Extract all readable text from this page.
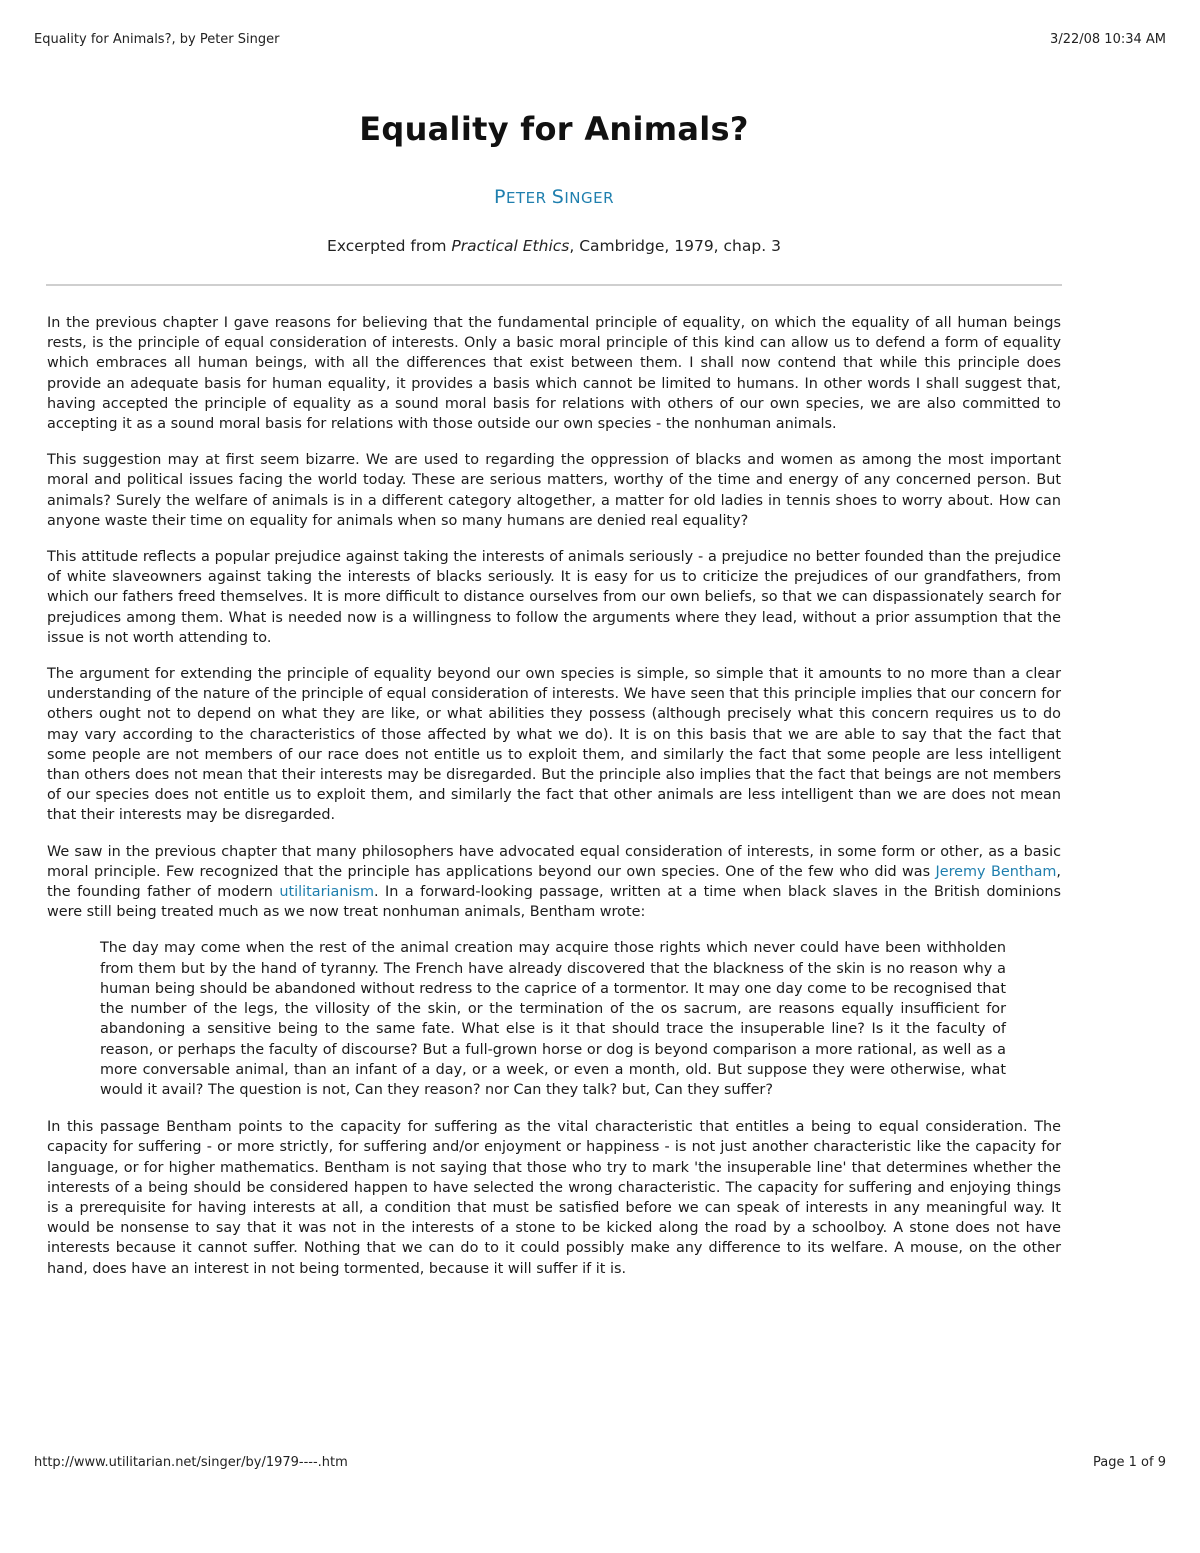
Equality for Animals?, by Peter Singer	3/22/08 10:34 AM
Equality for Animals?
PETER SINGER
Excerpted from Practical Ethics, Cambridge, 1979, chap. 3

In the previous chapter I gave reasons for believing that the fundamental principle of equality, on which the equality of all human beings rests, is the principle of equal consideration of interests. Only a basic moral principle of this kind can allow us to defend a form of equality which embraces all human beings, with all the differences that exist between them. I shall now contend that while this principle does provide an adequate basis for human equality, it provides a basis which cannot be limited to humans. In other words I shall suggest that, having accepted the principle of equality as a sound moral basis for relations with others of our own species, we are also committed to accepting it as a sound moral basis for relations with those outside our own species - the nonhuman animals.

This suggestion may at first seem bizarre. We are used to regarding the oppression of blacks and women as among the most important moral and political issues facing the world today. These are serious matters, worthy of the time and energy of any concerned person. But animals? Surely the welfare of animals is in a different category altogether, a matter for old ladies in tennis shoes to worry about. How can anyone waste their time on equality for animals when so many humans are denied real equality?

This attitude reflects a popular prejudice against taking the interests of animals seriously - a prejudice no better founded than the prejudice of white slaveowners against taking the interests of blacks seriously. It is easy for us to criticize the prejudices of our grandfathers, from which our fathers freed themselves. It is more difficult to distance ourselves from our own beliefs, so that we can dispassionately search for prejudices among them. What is needed now is a willingness to follow the arguments where they lead, without a prior assumption that the issue is not worth attending to.

The argument for extending the principle of equality beyond our own species is simple, so simple that it amounts to no more than a clear understanding of the nature of the principle of equal consideration of interests. We have seen that this principle implies that our concern for others ought not to depend on what they are like, or what abilities they possess (although precisely what this concern requires us to do may vary according to the characteristics of those affected by what we do). It is on this basis that we are able to say that the fact that some people are not members of our race does not entitle us to exploit them, and similarly the fact that some people are less intelligent than others does not mean that their interests may be disregarded. But the principle also implies that the fact that beings are not members of our species does not entitle us to exploit them, and similarly the fact that other animals are less intelligent than we are does not mean that their interests may be disregarded.

We saw in the previous chapter that many philosophers have advocated equal consideration of interests, in some form or other, as a basic moral principle. Few recognized that the principle has applications beyond our own species. One of the few who did was Jeremy Bentham, the founding father of modern utilitarianism. In a forward-looking passage, written at a time when black slaves in the British dominions were still being treated much as we now treat nonhuman animals, Bentham wrote:

The day may come when the rest of the animal creation may acquire those rights which never could have been withholden from them but by the hand of tyranny. The French have already discovered that the blackness of the skin is no reason why a human being should be abandoned without redress to the caprice of a tormentor. It may one day come to be recognised that the number of the legs, the villosity of the skin, or the termination of the os sacrum, are reasons equally insufficient for abandoning a sensitive being to the same fate. What else is it that should trace the insuperable line? Is it the faculty of reason, or perhaps the faculty of discourse? But a full-grown horse or dog is beyond comparison a more rational, as well as a more conversable animal, than an infant of a day, or a week, or even a month, old. But suppose they were otherwise, what would it avail? The question is not, Can they reason? nor Can they talk? but, Can they suffer?

In this passage Bentham points to the capacity for suffering as the vital characteristic that entitles a being to equal consideration. The capacity for suffering - or more strictly, for suffering and/or enjoyment or happiness - is not just another characteristic like the capacity for language, or for higher mathematics. Bentham is not saying that those who try to mark 'the insuperable line' that determines whether the interests of a being should be considered happen to have selected the wrong characteristic. The capacity for suffering and enjoying things is a prerequisite for having interests at all, a condition that must be satisfied before we can speak of interests in any meaningful way. It would be nonsense to say that it was not in the interests of a stone to be kicked along the road by a schoolboy. A stone does not have interests because it cannot suffer. Nothing that we can do to it could possibly make any difference to its welfare. A mouse, on the other hand, does have an interest in not being tormented, because it will suffer if it is.

http://www.utilitarian.net/singer/by/1979----.htm	Page 1 of 9
